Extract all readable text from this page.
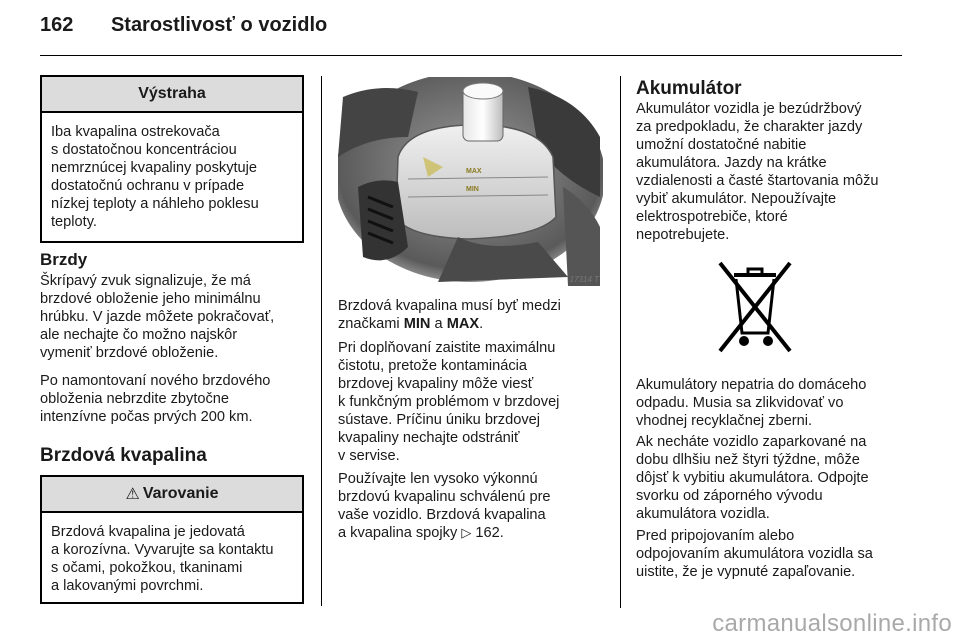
162 Starostlivosť o vozidlo
Výstraha
Iba kvapalina ostrekovača
s dostatočnou koncentráciou
nemrznúcej kvapaliny poskytuje
dostatočnú ochranu v prípade
nízkej teploty a náhleho poklesu
teploty.
Brzdy
Škrípavý zvuk signalizuje, že má
brzdové obloženie jeho minimálnu
hrúbku. V jazde môžete pokračovať,
ale nechajte čo možno najskôr
vymeniť brzdové obloženie.
Po namontovaní nového brzdového
obloženia nebrzdite zbytočne
intenzívne počas prvých 200 km.
Brzdová kvapalina
⚠ Varovanie
Brzdová kvapalina je jedovatá
a korozívna. Vyvarujte sa kontaktu
s očami, pokožkou, tkaninami
a lakovanými povrchmi.
MAX
MIN
17314 T
Brzdová kvapalina musí byť medzi
značkami MIN a MAX.
Pri doplňovaní zaistite maximálnu
čistotu, pretože kontaminácia
brzdovej kvapaliny môže viesť
k funkčným problémom v brzdovej
sústave. Príčinu úniku brzdovej
kvapaliny nechajte odstrániť
v servise.
Používajte len vysoko výkonnú
brzdovú kvapalinu schválenú pre
vaše vozidlo. Brzdová kvapalina
a kvapalina spojky ▷ 162.
Akumulátor
Akumulátor vozidla je bezúdržbový
za predpokladu, že charakter jazdy
umožní dostatočné nabitie
akumulátora. Jazdy na krátke
vzdialenosti a časté štartovania môžu
vybiť akumulátor. Nepoužívajte
elektrospotrebiče, ktoré
nepotrebujete.
Akumulátory nepatria do domáceho
odpadu. Musia sa zlikvidovať vo
vhodnej recyklačnej zberni.
Ak necháte vozidlo zaparkované na
dobu dlhšiu než štyri týždne, môže
dôjsť k vybitiu akumulátora. Odpojte
svorku od záporného vývodu
akumulátora vozidla.
Pred pripojovaním alebo
odpojovaním akumulátora vozidla sa
uistite, že je vypnuté zapaľovanie.
carmanualsonline.info
